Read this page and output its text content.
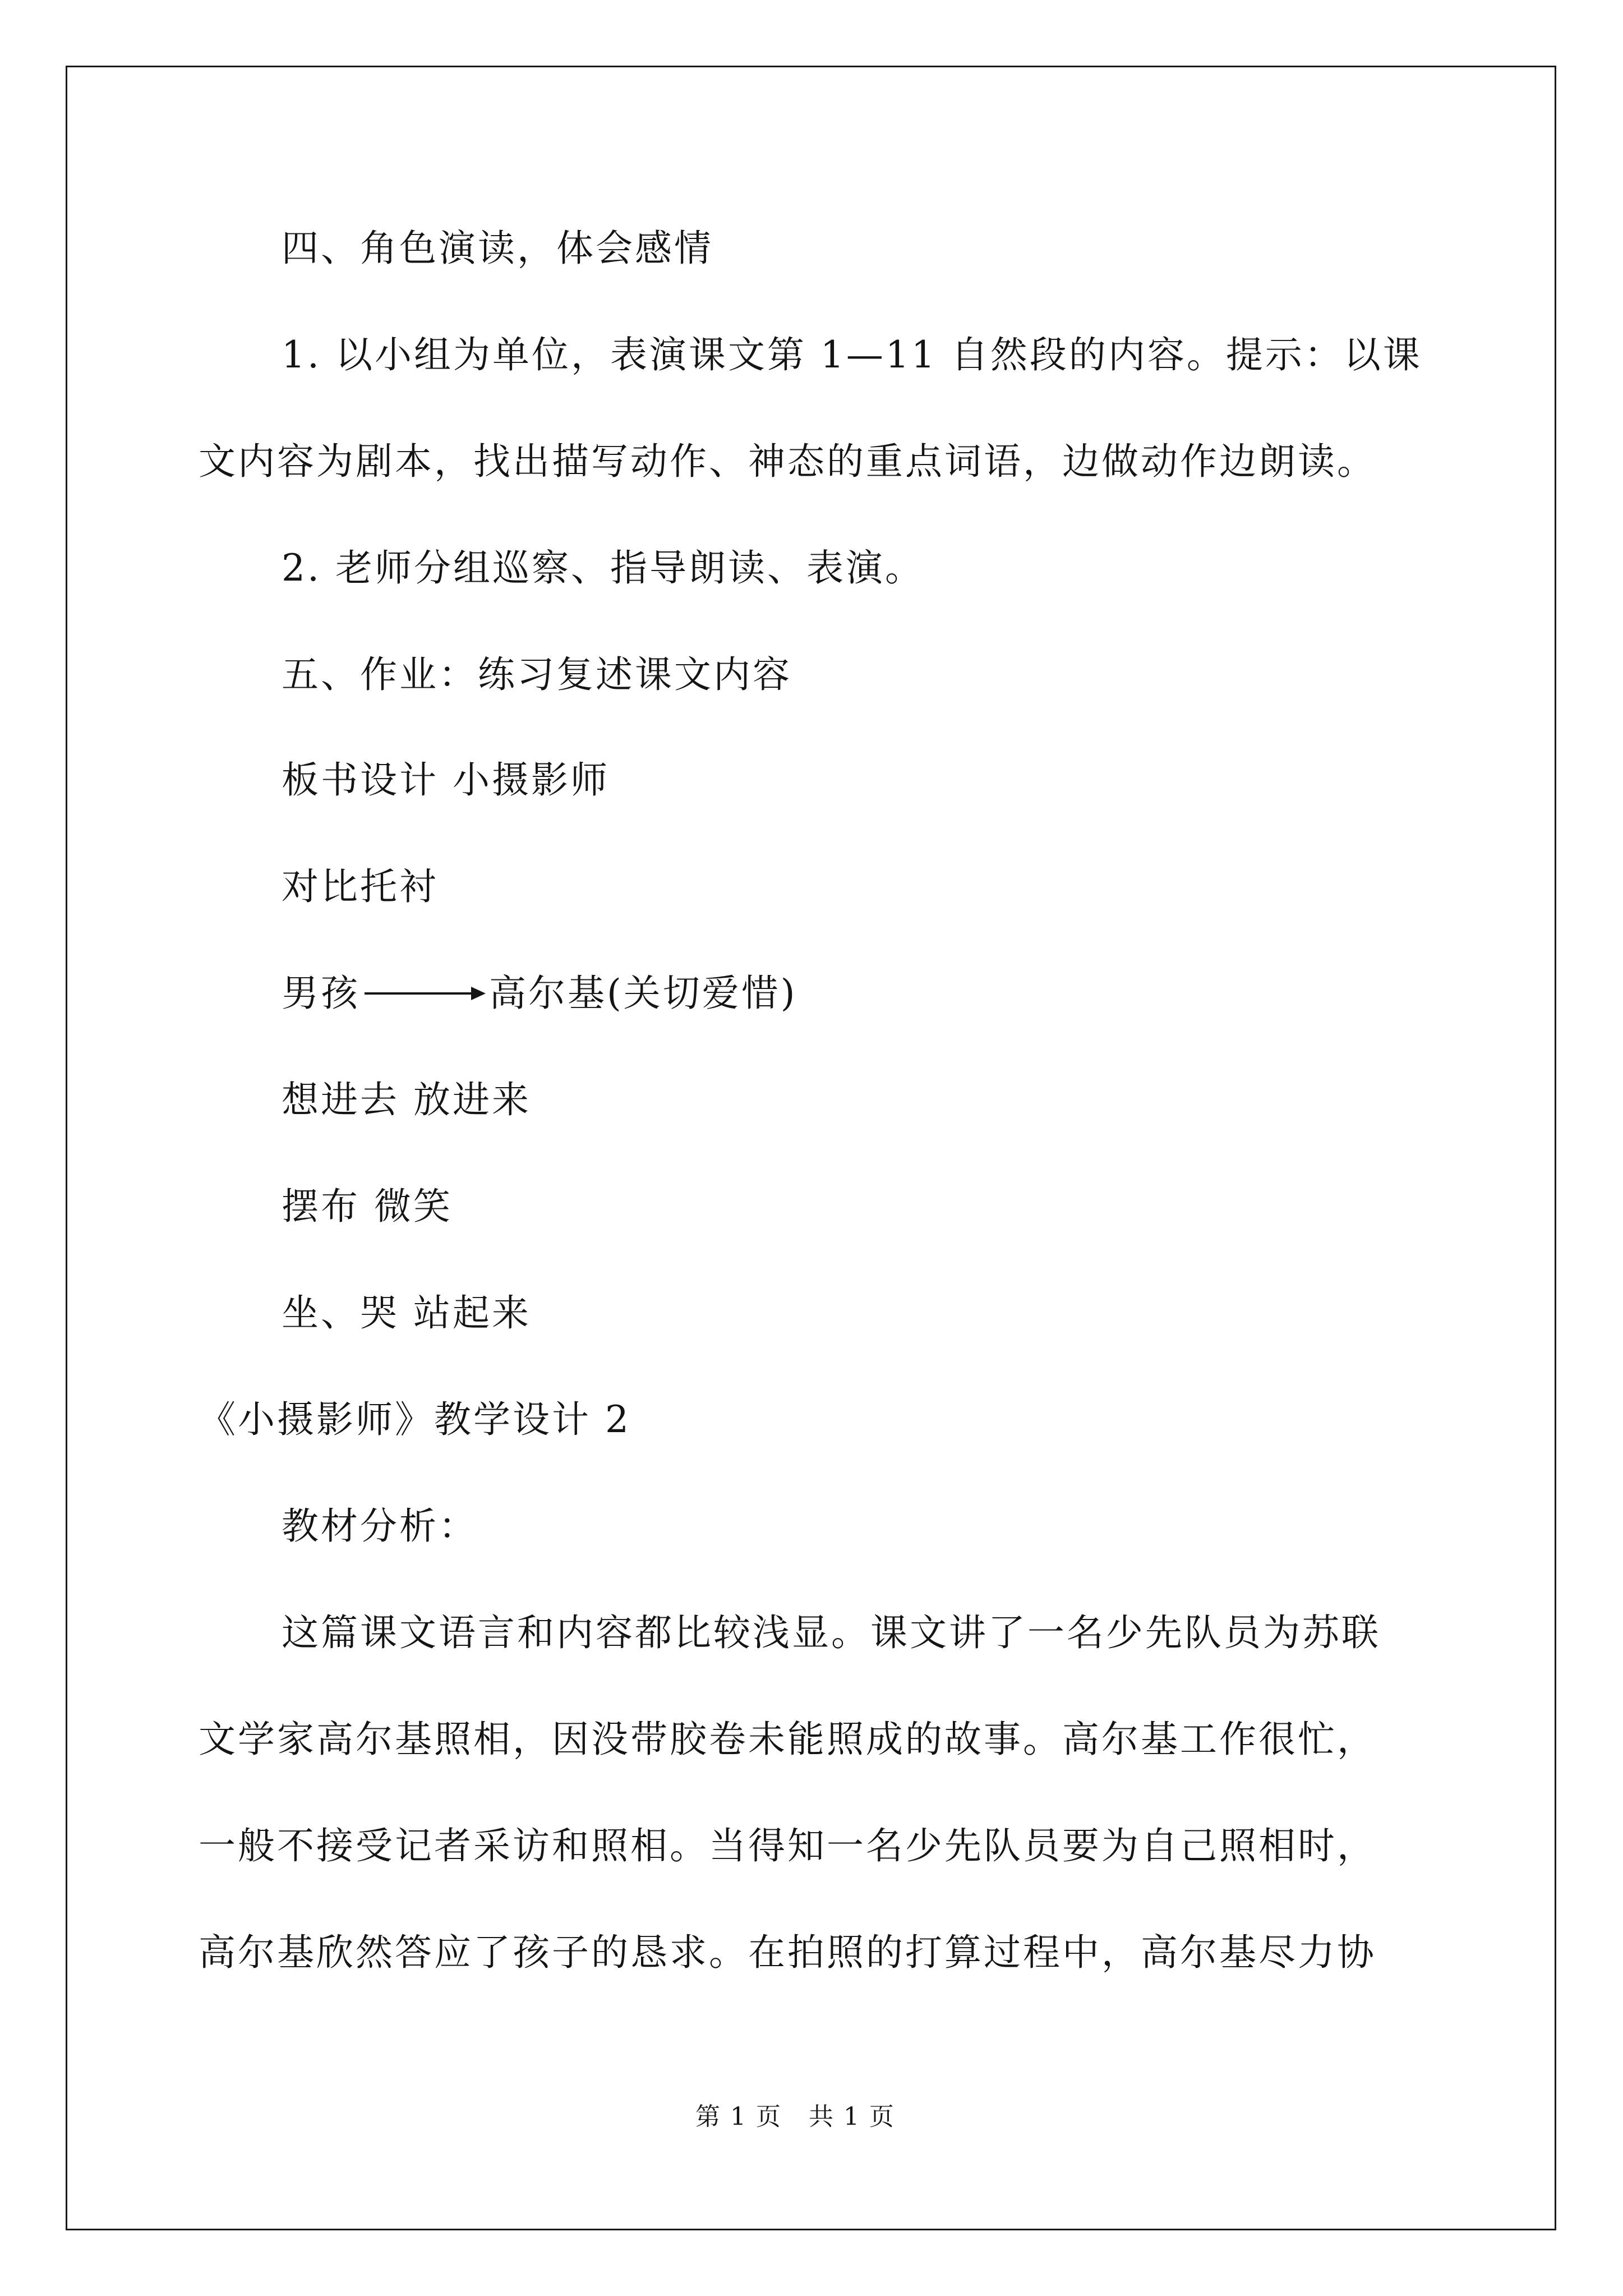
四、角色演读，体会感情
1. 以小组为单位，表演课文第 1—11 自然段的内容。提示：以课
文内容为剧本，找出描写动作、神态的重点词语，边做动作边朗读。
2. 老师分组巡察、指导朗读、表演。
五、作业：练习复述课文内容
板书设计 小摄影师
对比托衬
男孩	高尔基(关切爱惜)
想进去 放进来
摆布 微笑
坐、哭 站起来
《小摄影师》教学设计 2
教材分析：
这篇课文语言和内容都比较浅显。课文讲了一名少先队员为苏联
文学家高尔基照相，因没带胶卷未能照成的故事。高尔基工作很忙，
一般不接受记者采访和照相。当得知一名少先队员要为自己照相时，
高尔基欣然答应了孩子的恳求。在拍照的打算过程中，高尔基尽力协
第 1 页 共 1 页
